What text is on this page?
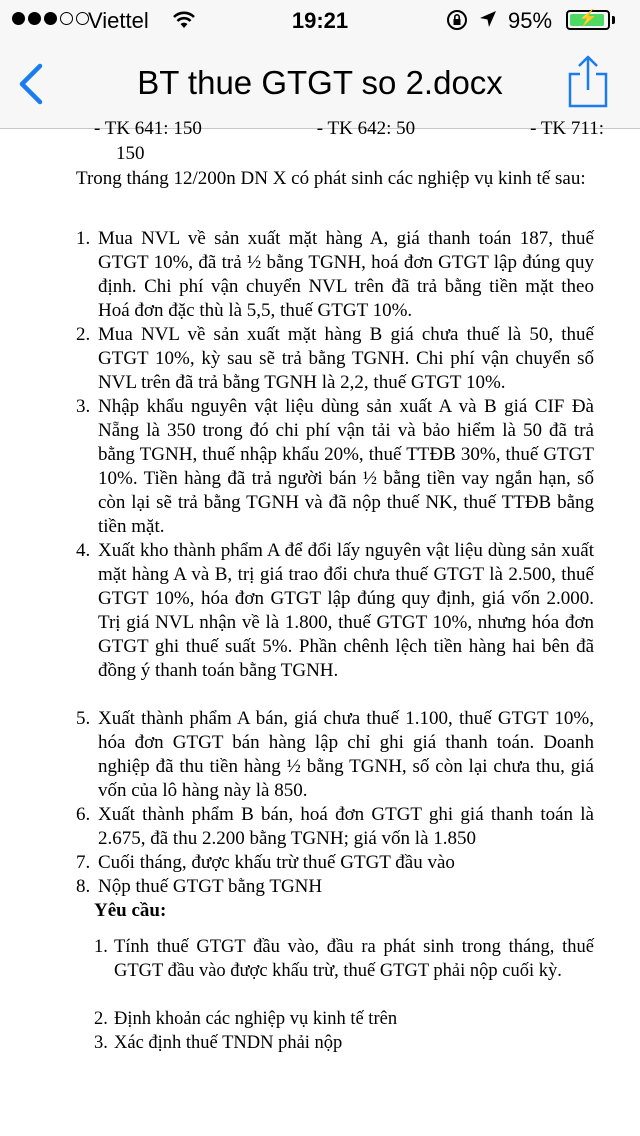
Viettel	19:21	95%	⚡
BT thue GTGT so 2.docx
- TK 641: 150	- TK 642: 50	- TK 711:
150
Trong tháng 12/200n DN X có phát sinh các nghiệp vụ kinh tế sau:
1. Mua NVL về sản xuất mặt hàng A, giá thanh toán 187, thuế GTGT 10%, đã trả ½ bằng TGNH, hoá đơn GTGT lập đúng quy định. Chi phí vận chuyển NVL trên đã trả bằng tiền mặt theo Hoá đơn đặc thù là 5,5, thuế GTGT 10%.
2. Mua NVL về sản xuất mặt hàng B giá chưa thuế là 50, thuế GTGT 10%, kỳ sau sẽ trả bằng TGNH. Chi phí vận chuyển số NVL trên đã trả bằng TGNH là 2,2, thuế GTGT 10%.
3. Nhập khẩu nguyên vật liệu dùng sản xuất A và B giá CIF Đà Nẵng là 350 trong đó chi phí vận tải và bảo hiểm là 50 đã trả bằng TGNH, thuế nhập khẩu 20%, thuế TTĐB 30%, thuế GTGT 10%. Tiền hàng đã trả người bán ½ bằng tiền vay ngắn hạn, số còn lại sẽ trả bằng TGNH và đã nộp thuế NK, thuế TTĐB bằng tiền mặt.
4. Xuất kho thành phẩm A để đổi lấy nguyên vật liệu dùng sản xuất mặt hàng A và B, trị giá trao đổi chưa thuế GTGT là 2.500, thuế GTGT 10%, hóa đơn GTGT lập đúng quy định, giá vốn 2.000. Trị giá NVL nhận về là 1.800, thuế GTGT 10%, nhưng hóa đơn GTGT ghi thuế suất 5%. Phần chênh lệch tiền hàng hai bên đã đồng ý thanh toán bằng TGNH.
5. Xuất thành phẩm A bán, giá chưa thuế 1.100, thuế GTGT 10%, hóa đơn GTGT bán hàng lập chỉ ghi giá thanh toán. Doanh nghiệp đã thu tiền hàng ½ bằng TGNH, số còn lại chưa thu, giá vốn của lô hàng này là 850.
6. Xuất thành phẩm B bán, hoá đơn GTGT ghi giá thanh toán là 2.675, đã thu 2.200 bằng TGNH; giá vốn là 1.850
7. Cuối tháng, được khấu trừ thuế GTGT đầu vào
8. Nộp thuế GTGT bằng TGNH
Yêu cầu:
1. Tính thuế GTGT đầu vào, đầu ra phát sinh trong tháng, thuế GTGT đầu vào được khấu trừ, thuế GTGT phải nộp cuối kỳ.
2. Định khoản các nghiệp vụ kinh tế trên
3. Xác định thuế TNDN phải nộp
